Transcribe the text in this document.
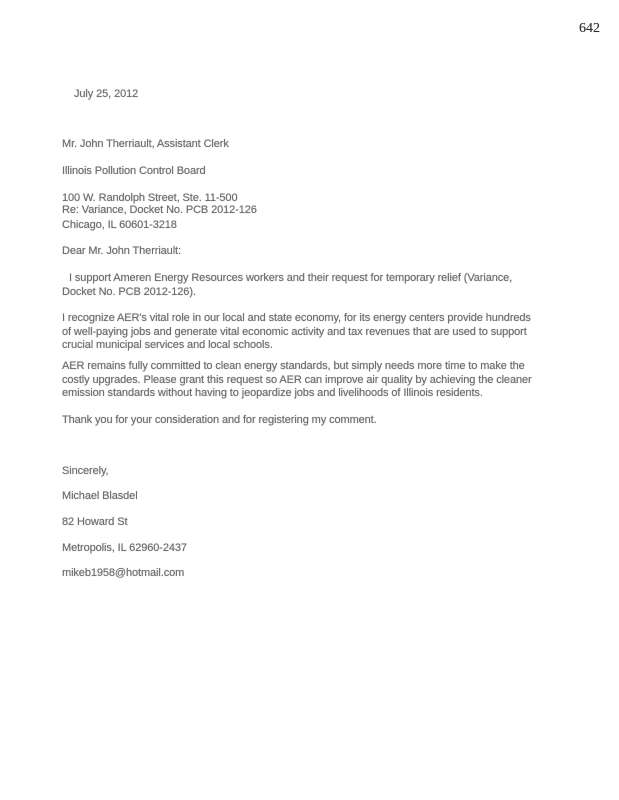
642
July 25, 2012

Mr. John Therriault, Assistant Clerk

Illinois Pollution Control Board

100 W. Randolph Street, Ste. 11-500

Chicago, IL 60601-3218

Re: Variance, Docket No. PCB 2012-126
Dear Mr. John Therriault:
I support Ameren Energy Resources workers and their request for temporary relief (Variance, Docket No. PCB 2012-126).
I recognize AER's vital role in our local and state economy, for its energy centers provide hundreds of well-paying jobs and generate vital economic activity and tax revenues that are used to support crucial municipal services and local schools.
AER remains fully committed to clean energy standards, but simply needs more time to make the costly upgrades. Please grant this request so AER can improve air quality by achieving the cleaner emission standards without having to jeopardize jobs and livelihoods of Illinois residents.
Thank you for your consideration and for registering my comment.

Sincerely,

Michael Blasdel

82 Howard St

Metropolis, IL 62960-2437

mikeb1958@hotmail.com
